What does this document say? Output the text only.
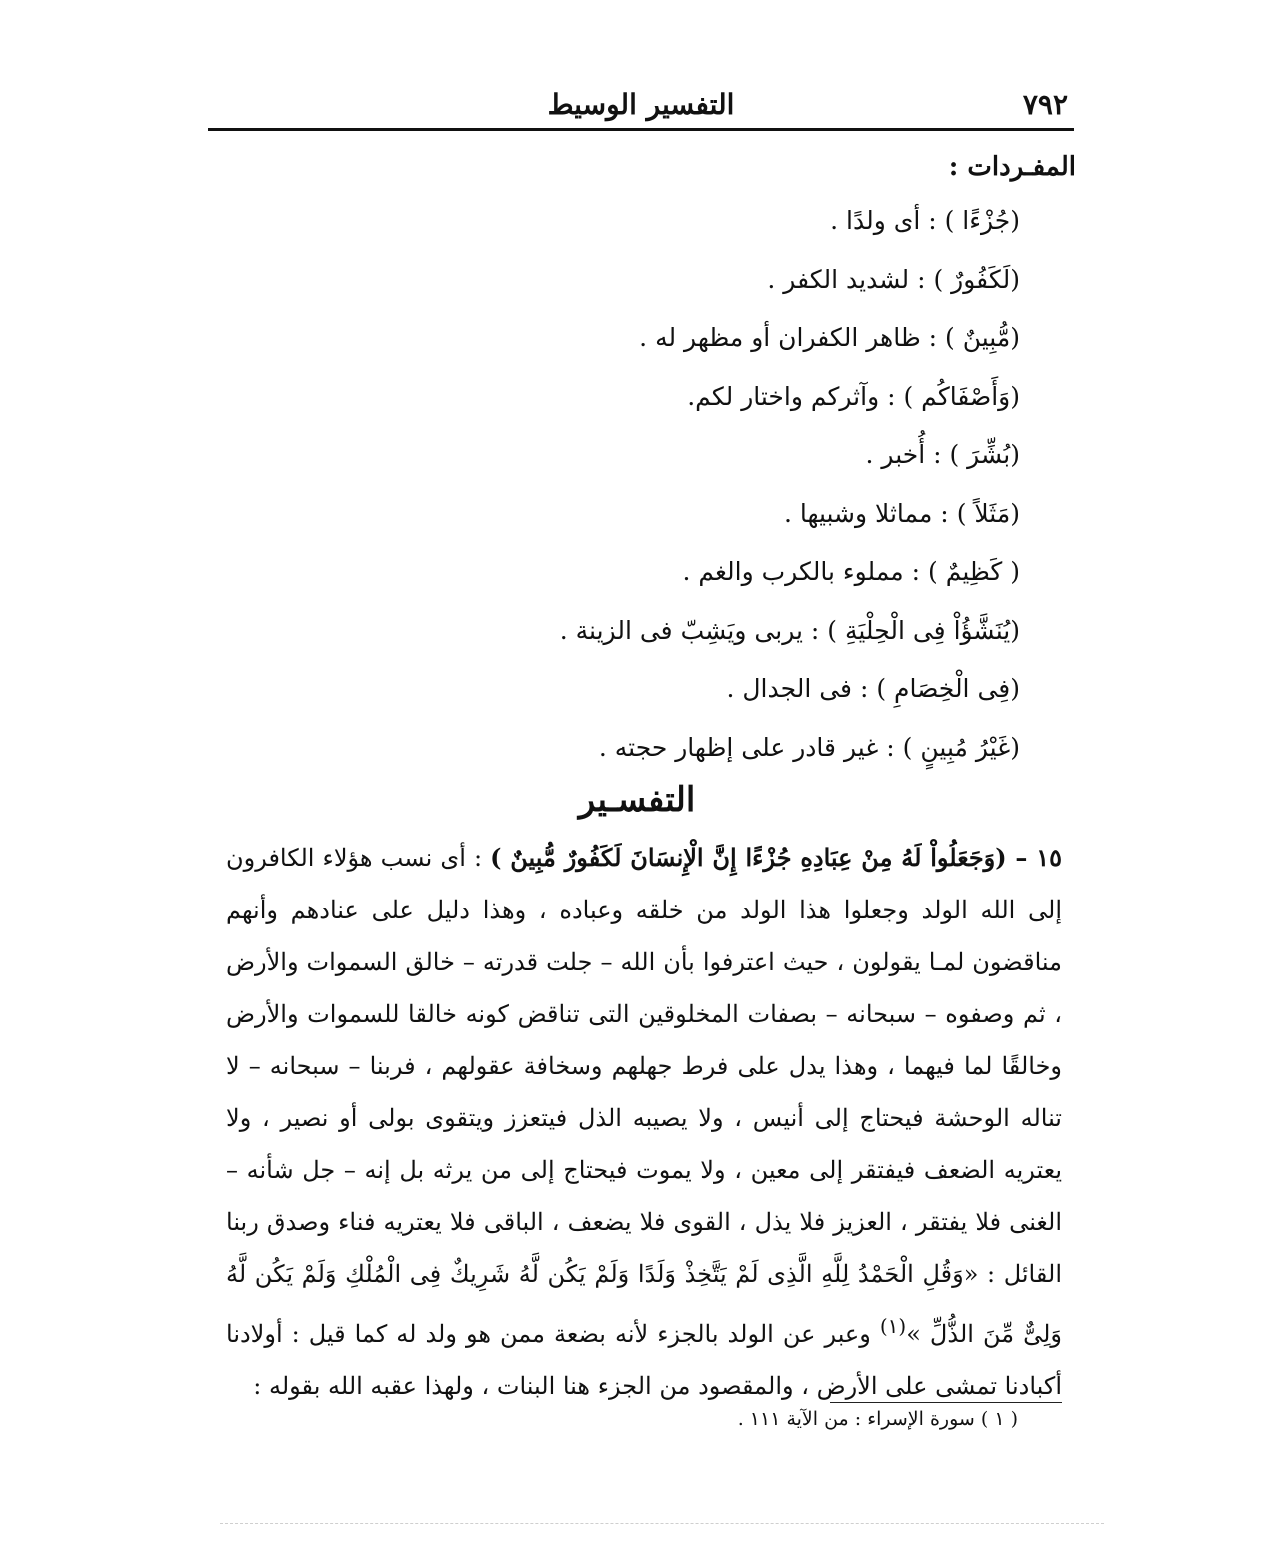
٧٩٢
التفسير الوسيط
المفـردات :
(جُزْءًا ) : أى ولدًا .
(لَكَفُورٌ ) : لشديد الكفر .
(مُّبِينٌ ) : ظاهر الكفران أو مظهر له .
(وَأَصْفَاكُم ) : وآثركم واختار لكم.
(بُشِّرَ ) : أُخبر .
(مَثَلاً ) : مماثلا وشبيها .
( كَظِيمٌ ) : مملوء بالكرب والغم .
(يُنَشَّؤُاْ فِى الْحِلْيَةِ ) : يربى ويَشِبّ فى الزينة .
(فِى الْخِصَامِ ) : فى الجدال .
(غَيْرُ مُبِينٍ ) : غير قادر على إظهار حجته .
التفسـير

١٥ – (وَجَعَلُواْ لَهُ مِنْ عِبَادِهِ جُزْءًا إِنَّ الْإِنسَانَ لَكَفُورٌ مُّبِينٌ ) : أى نسب هؤلاء الكافرون إلى الله الولد وجعلوا هذا الولد من خلقه وعباده ، وهذا دليل على عنادهم وأنهم مناقضون لمـا يقولون ، حيث اعترفوا بأن الله – جلت قدرته – خالق السموات والأرض ، ثم وصفوه – سبحانه – بصفات المخلوقين التى تناقض كونه خالقا للسموات والأرض وخالقًا لما فيهما ، وهذا يدل على فرط جهلهم وسخافة عقولهم ، فربنا – سبحانه – لا تناله الوحشة فيحتاج إلى أنيس ، ولا يصيبه الذل فيتعزز ويتقوى بولى أو نصير ، ولا يعتريه الضعف فيفتقر إلى معين ، ولا يموت فيحتاج إلى من يرثه بل إنه – جل شأنه – الغنى فلا يفتقر ، العزيز فلا يذل ، القوى فلا يضعف ، الباقى فلا يعتريه فناء وصدق ربنا القائل : «وَقُلِ الْحَمْدُ لِلَّهِ الَّذِى لَمْ يَتَّخِذْ وَلَدًا وَلَمْ يَكُن لَّهُ شَرِيكٌ فِى الْمُلْكِ وَلَمْ يَكُن لَّهُ وَلِىٌّ مِّنَ الذُّلِّ »$^{(١)}$ وعبر عن الولد بالجزء لأنه بضعة ممن هو ولد له كما قيل : أولادنا أكبادنا تمشى على الأرض ، والمقصود من الجزء هنا البنات ، ولهذا عقبه الله بقوله :

( ١ ) سورة الإسراء : من الآية ١١١ .
